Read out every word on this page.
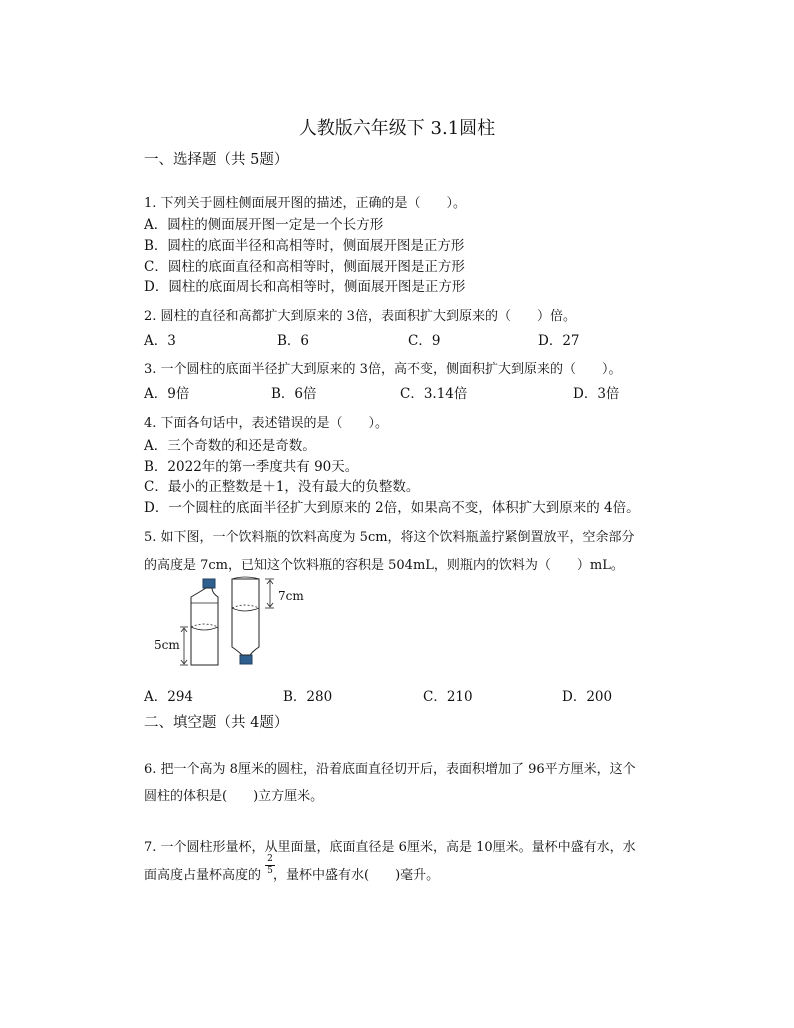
人教版六年级下 3.1圆柱
一、选择题（共 5题）
1. 下列关于圆柱侧面展开图的描述，正确的是（　　）。
A．圆柱的侧面展开图一定是一个长方形
B．圆柱的底面半径和高相等时，侧面展开图是正方形
C．圆柱的底面直径和高相等时，侧面展开图是正方形
D．圆柱的底面周长和高相等时，侧面展开图是正方形
2. 圆柱的直径和高都扩大到原来的 3倍，表面积扩大到原来的（　　）倍。
A．3	B．6	C．9	D．27
3. 一个圆柱的底面半径扩大到原来的 3倍，高不变，侧面积扩大到原来的（　　）。
A．9倍	B．6倍	C．3.14倍	D．3倍
4. 下面各句话中，表述错误的是（　　）。
A．三个奇数的和还是奇数。
B．2022年的第一季度共有 90天。
C．最小的正整数是＋1，没有最大的负整数。
D．一个圆柱的底面半径扩大到原来的 2倍，如果高不变，体积扩大到原来的 4倍。
5. 如下图，一个饮料瓶的饮料高度为 5cm，将这个饮料瓶盖拧紧倒置放平，空余部分
的高度是 7cm，已知这个饮料瓶的容积是 504mL，则瓶内的饮料为（　　）mL。
5cm
7cm
A．294	B．280	C．210	D．200
二、填空题（共 4题）
6. 把一个高为 8厘米的圆柱，沿着底面直径切开后，表面积增加了 96平方厘米，这个
圆柱的体积是(　　)立方厘米。
7. 一个圆柱形量杯，从里面量，底面直径是 6厘米，高是 10厘米。量杯中盛有水，水
面高度占量杯高度的 ，量杯中盛有水(　　)毫升。
2
5
